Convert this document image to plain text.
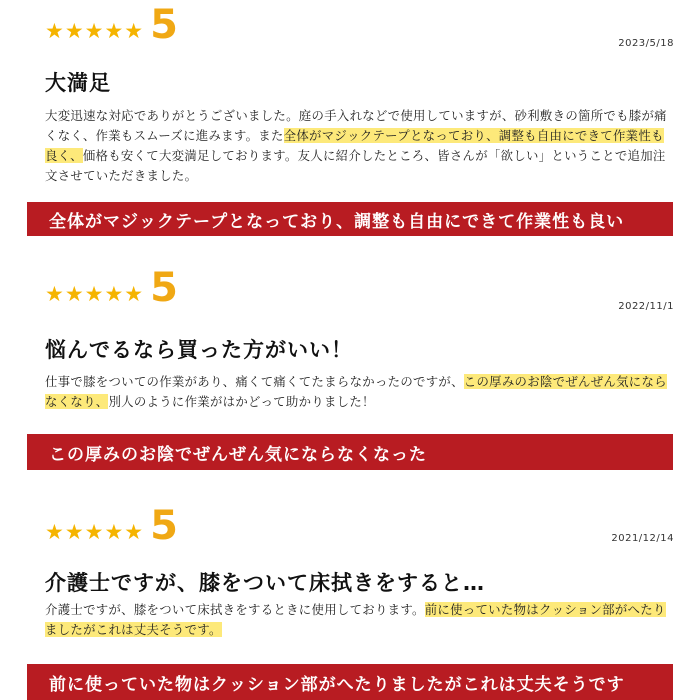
★★★★★ 5	2023/5/18
大満足
大変迅速な対応でありがとうございました。庭の手入れなどで使用していますが、砂利敷きの箇所でも膝が痛くなく、作業もスムーズに進みます。また全体がマジックテープとなっており、調整も自由にできて作業性も良く、価格も安くて大変満足しております。友人に紹介したところ、皆さんが「欲しい」ということで追加注文させていただきました。
全体がマジックテープとなっており、調整も自由にできて作業性も良い
★★★★★ 5	2022/11/1
悩んでるなら買った方がいい！
仕事で膝をついての作業があり、痛くて痛くてたまらなかったのですが、この厚みのお陰でぜんぜん気にならなくなり、別人のように作業がはかどって助かりました！
この厚みのお陰でぜんぜん気にならなくなった
★★★★★ 5	2021/12/14
介護士ですが、膝をついて床拭きをすると…
介護士ですが、膝をついて床拭きをするときに使用しております。前に使っていた物はクッション部がへたりましたがこれは丈夫そうです。
前に使っていた物はクッション部がへたりましたがこれは丈夫そうです
